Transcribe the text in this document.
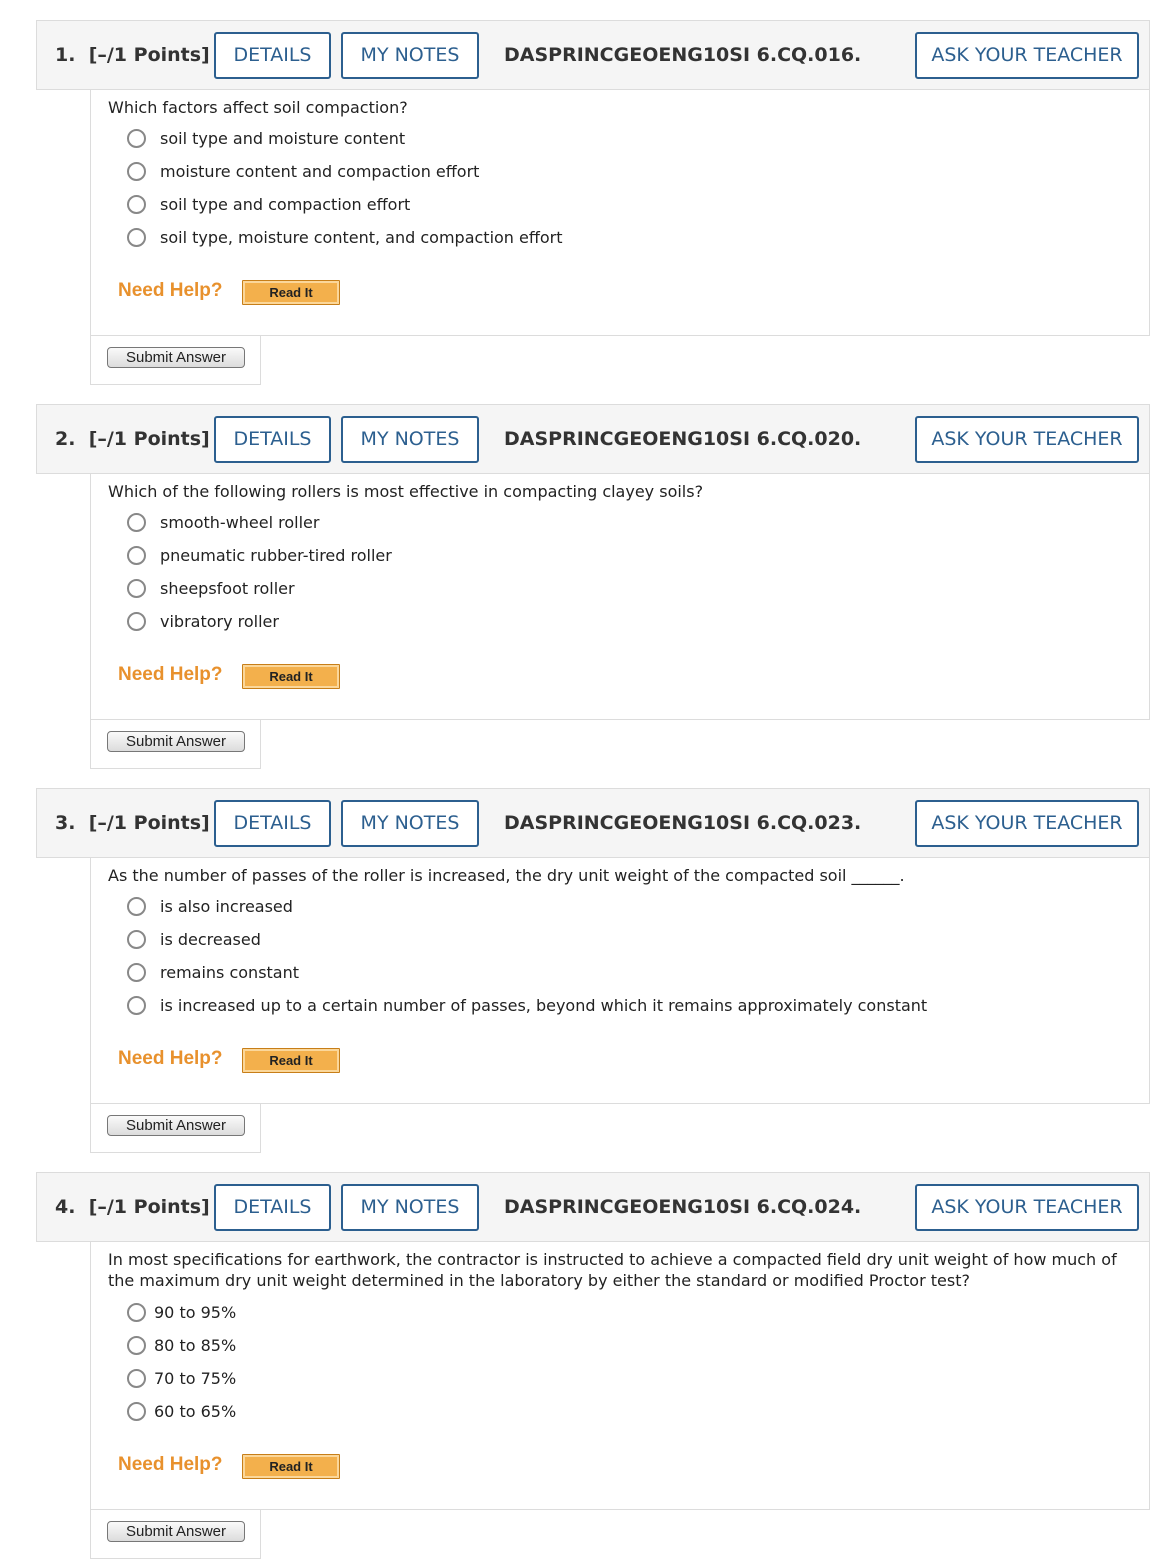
1. [–/1 Points]	DETAILS	MY NOTES	DASPRINCGEOENG10SI 6.CQ.016.	ASK YOUR TEACHER
Which factors affect soil compaction?
soil type and moisture content
moisture content and compaction effort
soil type and compaction effort
soil type, moisture content, and compaction effort
Need Help?	Read It
Submit Answer
2. [–/1 Points]	DETAILS	MY NOTES	DASPRINCGEOENG10SI 6.CQ.020.	ASK YOUR TEACHER
Which of the following rollers is most effective in compacting clayey soils?
smooth-wheel roller
pneumatic rubber-tired roller
sheepsfoot roller
vibratory roller
Need Help?	Read It
Submit Answer
3. [–/1 Points]	DETAILS	MY NOTES	DASPRINCGEOENG10SI 6.CQ.023.	ASK YOUR TEACHER
As the number of passes of the roller is increased, the dry unit weight of the compacted soil ______.
is also increased
is decreased
remains constant
is increased up to a certain number of passes, beyond which it remains approximately constant
Need Help?	Read It
Submit Answer
4. [–/1 Points]	DETAILS	MY NOTES	DASPRINCGEOENG10SI 6.CQ.024.	ASK YOUR TEACHER
In most specifications for earthwork, the contractor is instructed to achieve a compacted field dry unit weight of how much of the maximum dry unit weight determined in the laboratory by either the standard or modified Proctor test?
90 to 95%
80 to 85%
70 to 75%
60 to 65%
Need Help?	Read It
Submit Answer
